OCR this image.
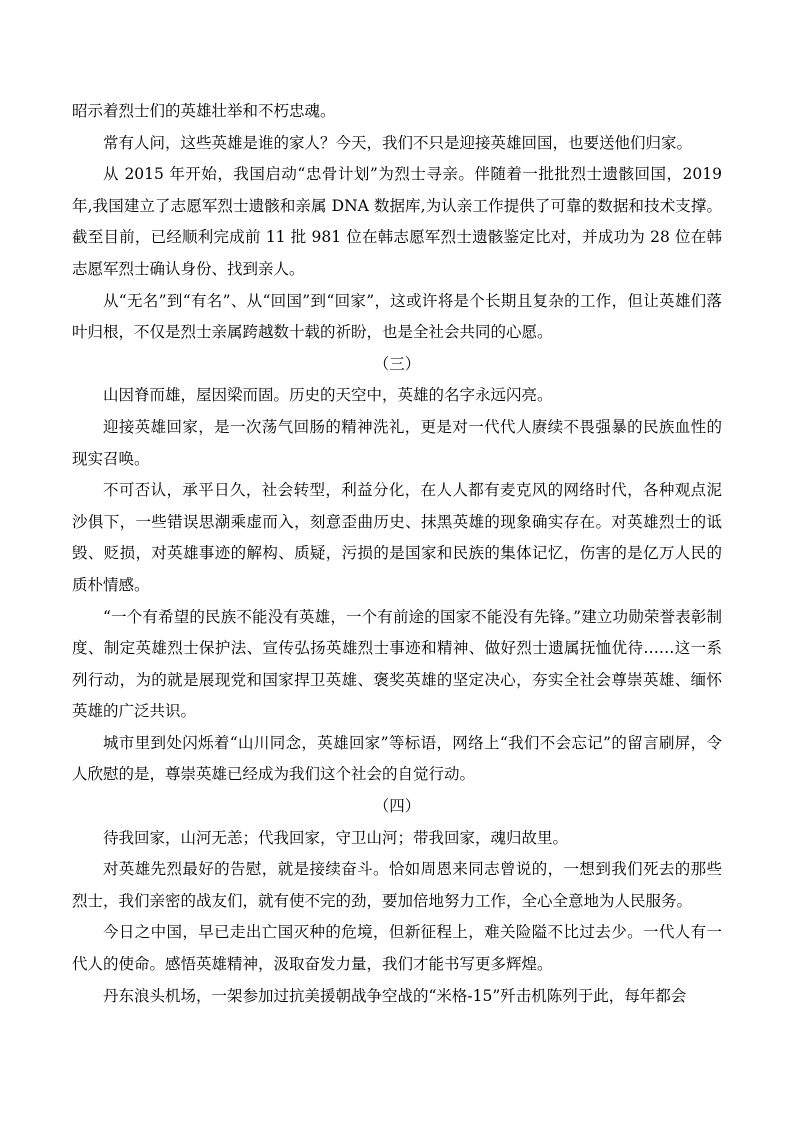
昭示着烈士们的英雄壮举和不朽忠魂。

常有人问，这些英雄是谁的家人？今天，我们不只是迎接英雄回国，也要送他们归家。

从 2015 年开始，我国启动“忠骨计划”为烈士寻亲。伴随着一批批烈士遗骸回国，2019 年,我国建立了志愿军烈士遗骸和亲属 DNA 数据库,为认亲工作提供了可靠的数据和技术支撑。截至目前，已经顺利完成前 11 批 981 位在韩志愿军烈士遗骸鉴定比对，并成功为 28 位在韩志愿军烈士确认身份、找到亲人。

从“无名”到“有名”、从“回国”到“回家”，这或许将是个长期且复杂的工作，但让英雄们落叶归根，不仅是烈士亲属跨越数十载的祈盼，也是全社会共同的心愿。

（三）

山因脊而雄，屋因梁而固。历史的天空中，英雄的名字永远闪亮。

迎接英雄回家，是一次荡气回肠的精神洗礼，更是对一代代人赓续不畏强暴的民族血性的现实召唤。

不可否认，承平日久，社会转型，利益分化，在人人都有麦克风的网络时代，各种观点泥沙俱下，一些错误思潮乘虚而入，刻意歪曲历史、抹黑英雄的现象确实存在。对英雄烈士的诋毁、贬损，对英雄事迹的解构、质疑，污损的是国家和民族的集体记忆，伤害的是亿万人民的质朴情感。

“一个有希望的民族不能没有英雄，一个有前途的国家不能没有先锋。”建立功勋荣誉表彰制度、制定英雄烈士保护法、宣传弘扬英雄烈士事迹和精神、做好烈士遗属抚恤优待……这一系列行动，为的就是展现党和国家捍卫英雄、褒奖英雄的坚定决心，夯实全社会尊崇英雄、缅怀英雄的广泛共识。

城市里到处闪烁着“山川同念，英雄回家”等标语，网络上“我们不会忘记”的留言刷屏，令人欣慰的是，尊崇英雄已经成为我们这个社会的自觉行动。

（四）

待我回家，山河无恙；代我回家，守卫山河；带我回家，魂归故里。

对英雄先烈最好的告慰，就是接续奋斗。恰如周恩来同志曾说的，一想到我们死去的那些烈士，我们亲密的战友们，就有使不完的劲，要加倍地努力工作，全心全意地为人民服务。

今日之中国，早已走出亡国灭种的危境，但新征程上，难关险隘不比过去少。一代人有一代人的使命。感悟英雄精神，汲取奋发力量，我们才能书写更多辉煌。

丹东浪头机场，一架参加过抗美援朝战争空战的“米格-15”歼击机陈列于此，每年都会
